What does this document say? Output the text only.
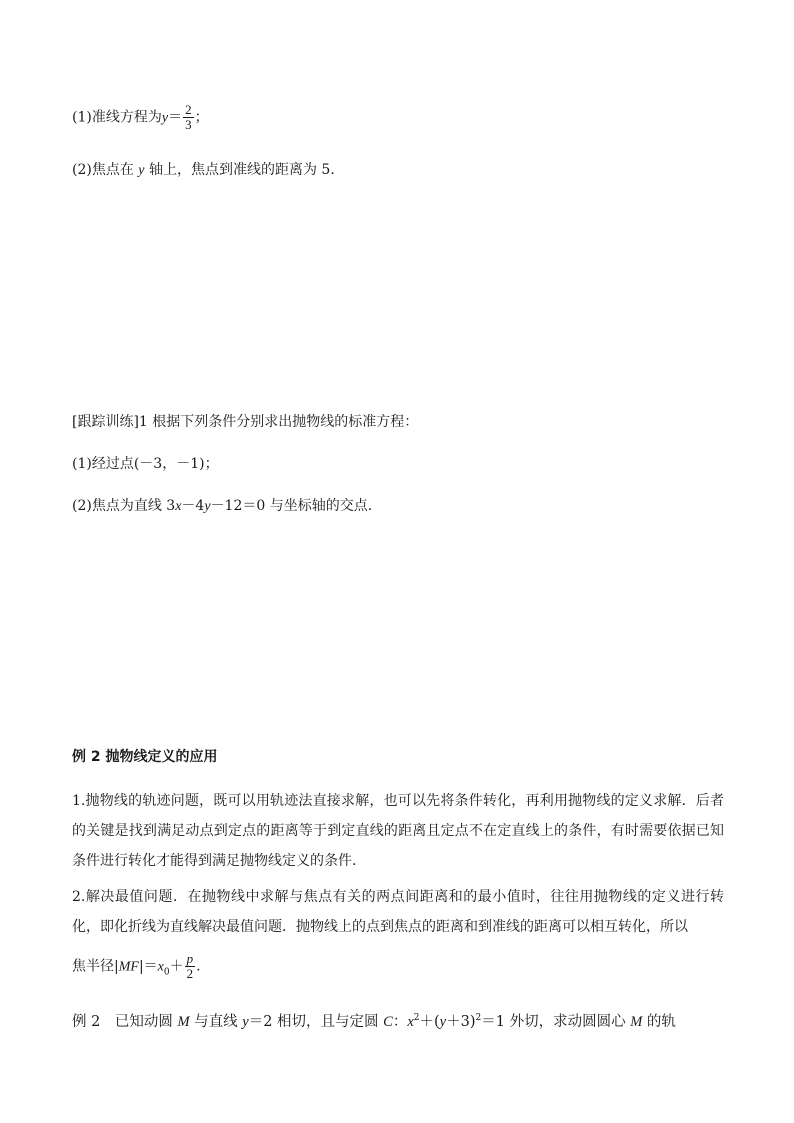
(1)准线方程为$y= \frac{2}{3}$ ；
(2)焦点在 y 轴上，焦点到准线的距离为 5.
[跟踪训练]1 根据下列条件分别求出抛物线的标准方程：
(1)经过点(－3，－1)；
(2)焦点为直线 3x－4y－12＝0 与坐标轴的交点.
例 2 抛物线定义的应用
1.抛物线的轨迹问题，既可以用轨迹法直接求解，也可以先将条件转化，再利用抛物线的定义求解．后者的关键是找到满足动点到定点的距离等于到定直线的距离且定点不在定直线上的条件，有时需要依据已知条件进行转化才能得到满足抛物线定义的条件．
2.解决最值问题．在抛物线中求解与焦点有关的两点间距离和的最小值时，往往用抛物线的定义进行转化，即化折线为直线解决最值问题．抛物线上的点到焦点的距离和到准线的距离可以相互转化，所以
焦半径$|MF|=x_0+ \frac{p}{2}$ .
例 2　已知动圆 M 与直线 y＝2 相切，且与定圆 C：$x^2+(y+3)^2=1$ 外切，求动圆圆心 M 的轨
